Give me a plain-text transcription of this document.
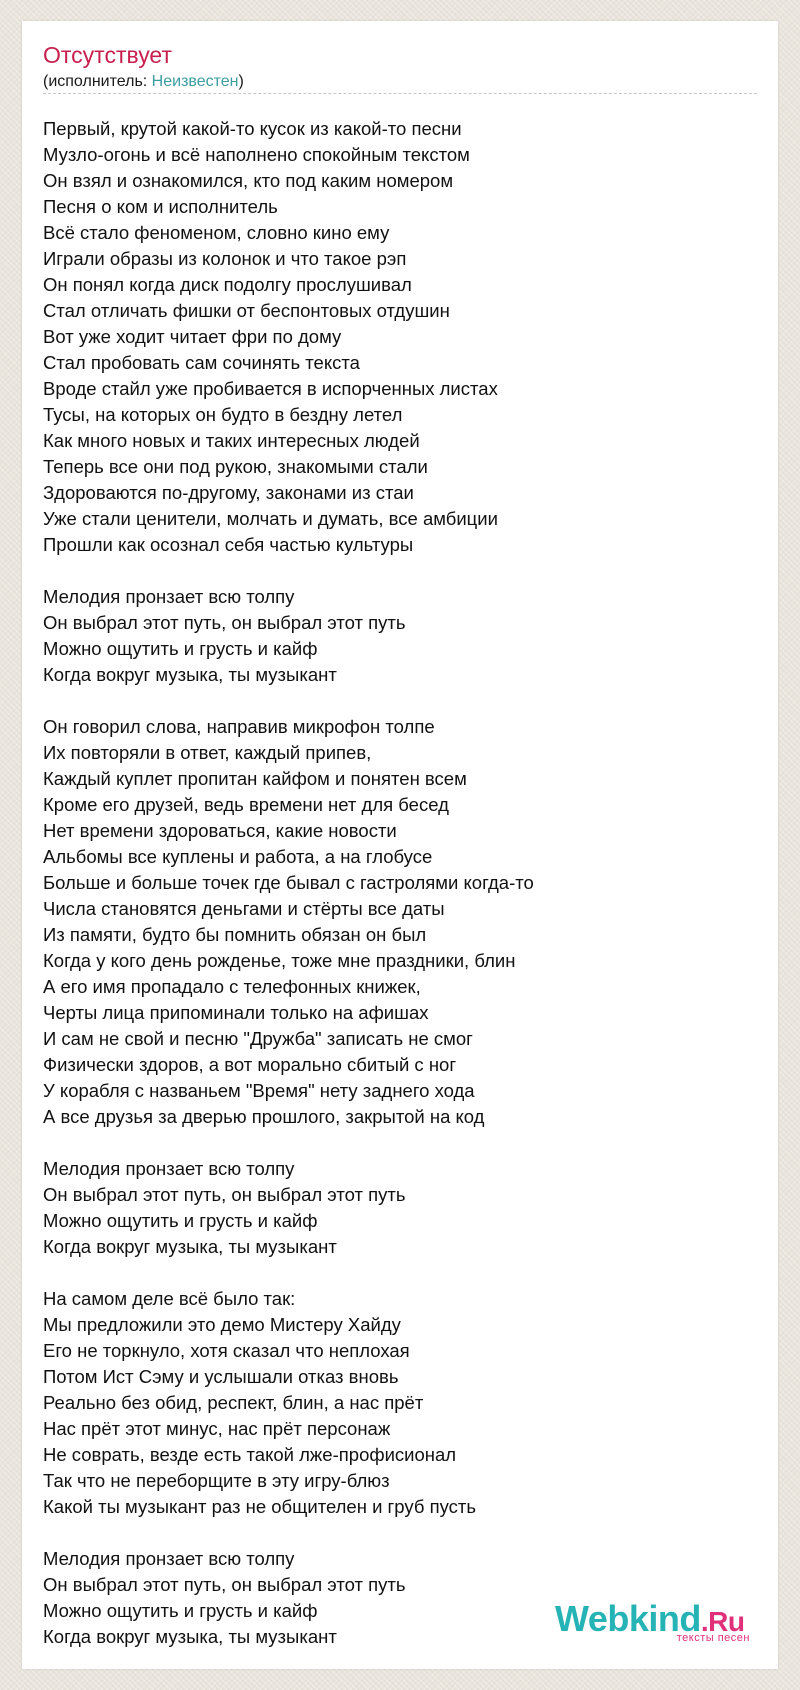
Отсутствует
(исполнитель: Неизвестен)
Первый, крутой какой-то кусок из какой-то песни
Музло-огонь и всё наполнено спокойным текстом
Он взял и ознакомился, кто под каким номером
Песня о ком и исполнитель
Всё стало феноменом, словно кино ему
Играли образы из колонок и что такое рэп
Он понял когда диск подолгу прослушивал
Стал отличать фишки от беспонтовых отдушин
Вот уже ходит читает фри по дому
Стал пробовать сам сочинять текста
Вроде стайл уже пробивается в испорченных листах
Тусы, на которых он будто в бездну летел
Как много новых и таких интересных людей
Теперь все они под рукою, знакомыми стали
Здороваются по-другому, законами из стаи
Уже стали ценители, молчать и думать, все амбиции
Прошли как осознал себя частью культуры
Мелодия пронзает всю толпу
Он выбрал этот путь, он выбрал этот путь
Можно ощутить и грусть и кайф
Когда вокруг музыка, ты музыкант
Он говорил слова, направив микрофон толпе
Их повторяли в ответ, каждый припев,
Каждый куплет пропитан кайфом и понятен всем
Кроме его друзей, ведь времени нет для бесед
Нет времени здороваться, какие новости
Альбомы все куплены и работа, а на глобусе
Больше и больше точек где бывал с гастролями когда-то
Числа становятся деньгами и стёрты все даты
Из памяти, будто бы помнить обязан он был
Когда у кого день рожденье, тоже мне праздники, блин
А его имя пропадало с телефонных книжек,
Черты лица припоминали только на афишах
И сам не свой и песню "Дружба" записать не смог
Физически здоров, а вот морально сбитый с ног
У корабля с названьем "Время" нету заднего хода
А все друзья за дверью прошлого, закрытой на код
Мелодия пронзает всю толпу
Он выбрал этот путь, он выбрал этот путь
Можно ощутить и грусть и кайф
Когда вокруг музыка, ты музыкант
На самом деле всё было так:
Мы предложили это демо Мистеру Хайду
Его не торкнуло, хотя сказал что неплохая
Потом Ист Сэму и услышали отказ вновь
Реально без обид, респект, блин, а нас прёт
Нас прёт этот минус, нас прёт персонаж
Не соврать, везде есть такой лже-профисионал
Так что не переборщите в эту игру-блюз
Какой ты музыкант раз не общителен и груб пусть
Мелодия пронзает всю толпу
Он выбрал этот путь, он выбрал этот путь
Можно ощутить и грусть и кайф
Когда вокруг музыка, ты музыкант	Webkind.Ru
тексты песен
